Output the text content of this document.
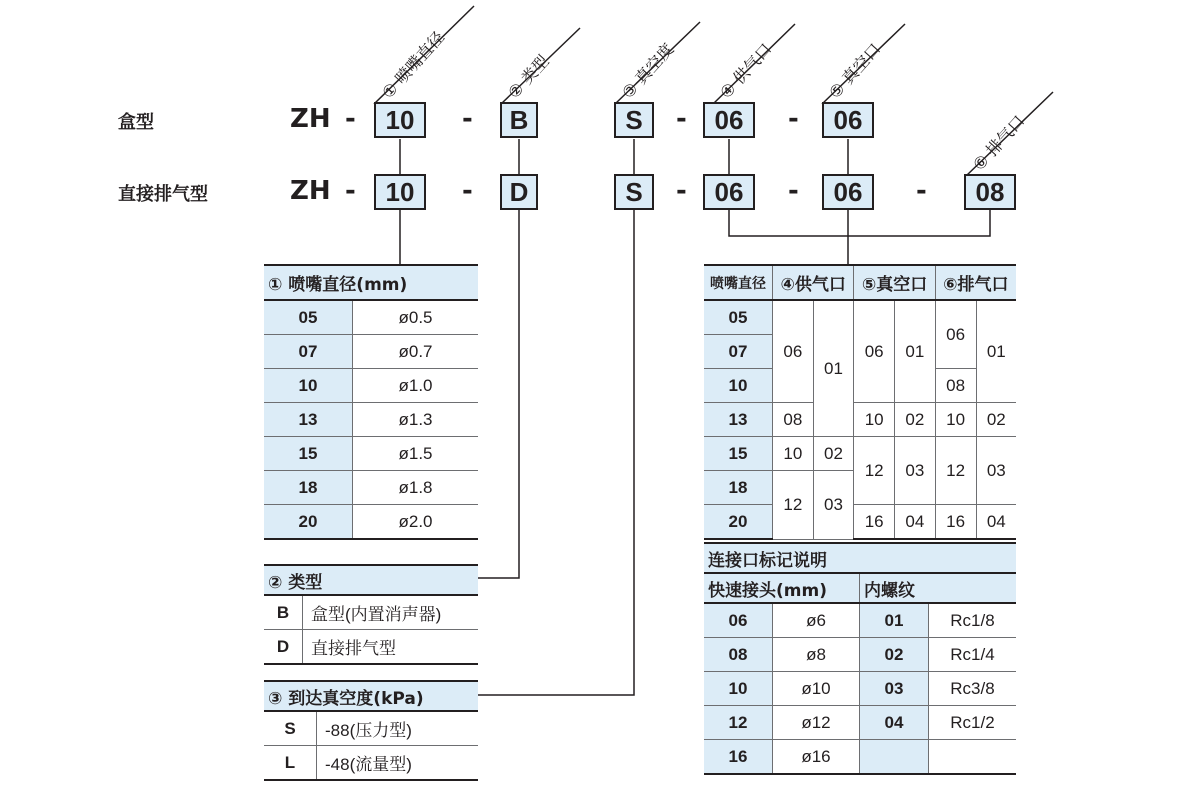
① 喷嘴直径	② 类型	③ 真空度 ④ 供气口	⑤ 真空口
⑥ 排气口
盒型	ZH -	10	-	B	S	-	06	-	06
直接排气型	ZH -	10	-	D	S	-	06	-	06	-	08
① 喷嘴直径(mm)	
05	ø0.5
07	ø0.7
10	ø1.0
13	ø1.3
15	ø1.5
18	ø1.8
20	ø2.0
② 类型	
B	盒型(内置消声器)
D	直接排气型
③ 到达真空度(kPa)	
S	-88(压力型)
L	-48(流量型)
喷嘴直径	④供气口		⑤真空口		⑥排气口	
05	06	01	06	01	06	01
07						
10					08	
13	08		10	02	10	02
15	10	02	12	03	12	03
18	12	03				
20			16	04	16	04
连接口标记说明			
快速接头(mm)		内螺纹	
06	ø6	01	Rc1/8
08	ø8	02	Rc1/4
10	ø10	03	Rc3/8
12	ø12	04	Rc1/2
16	ø16		
